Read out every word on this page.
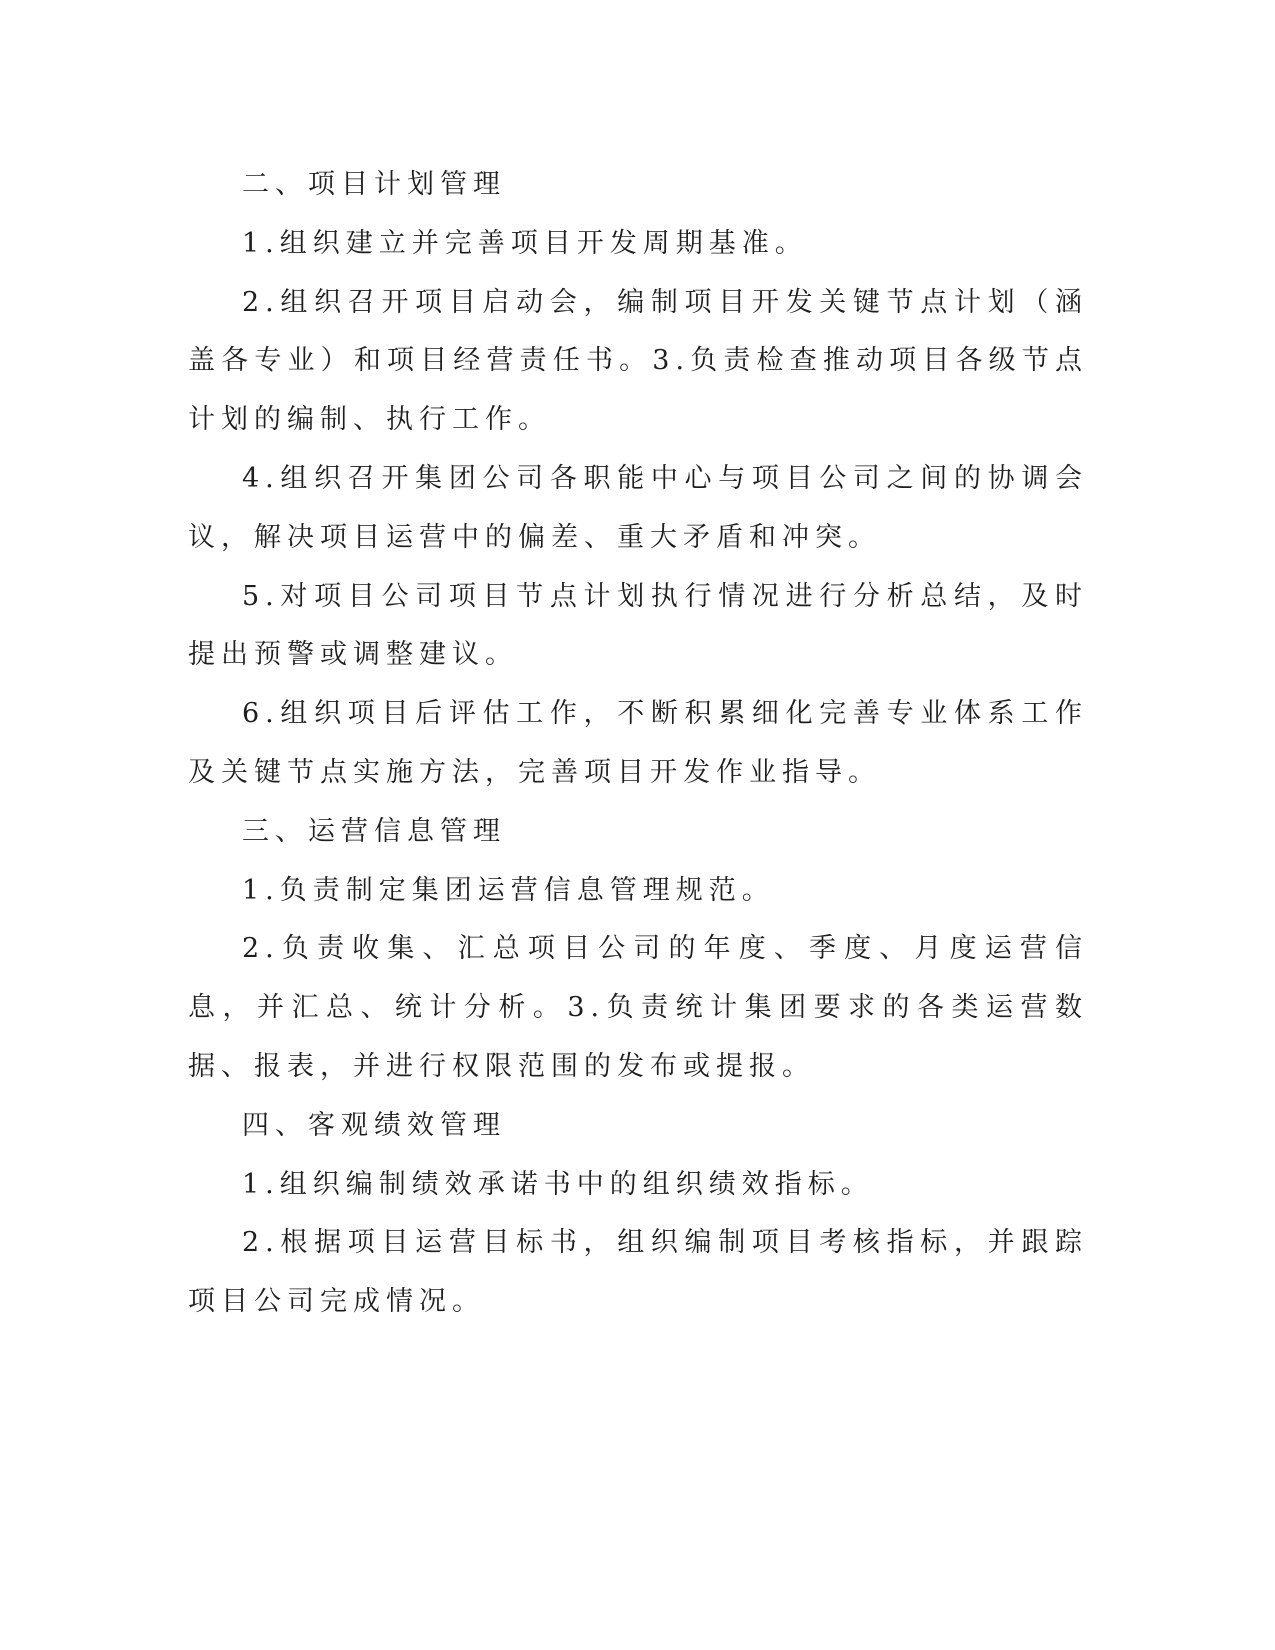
二、项目计划管理

1.组织建立并完善项目开发周期基准。

2.组织召开项目启动会，编制项目开发关键节点计划（涵盖各专业）和项目经营责任书。3.负责检查推动项目各级节点计划的编制、执行工作。

4.组织召开集团公司各职能中心与项目公司之间的协调会议，解决项目运营中的偏差、重大矛盾和冲突。

5.对项目公司项目节点计划执行情况进行分析总结，及时提出预警或调整建议。

6.组织项目后评估工作，不断积累细化完善专业体系工作及关键节点实施方法，完善项目开发作业指导。

三、运营信息管理

1.负责制定集团运营信息管理规范。

2.负责收集、汇总项目公司的年度、季度、月度运营信息，并汇总、统计分析。3.负责统计集团要求的各类运营数据、报表，并进行权限范围的发布或提报。

四、客观绩效管理

1.组织编制绩效承诺书中的组织绩效指标。

2.根据项目运营目标书，组织编制项目考核指标，并跟踪项目公司完成情况。
